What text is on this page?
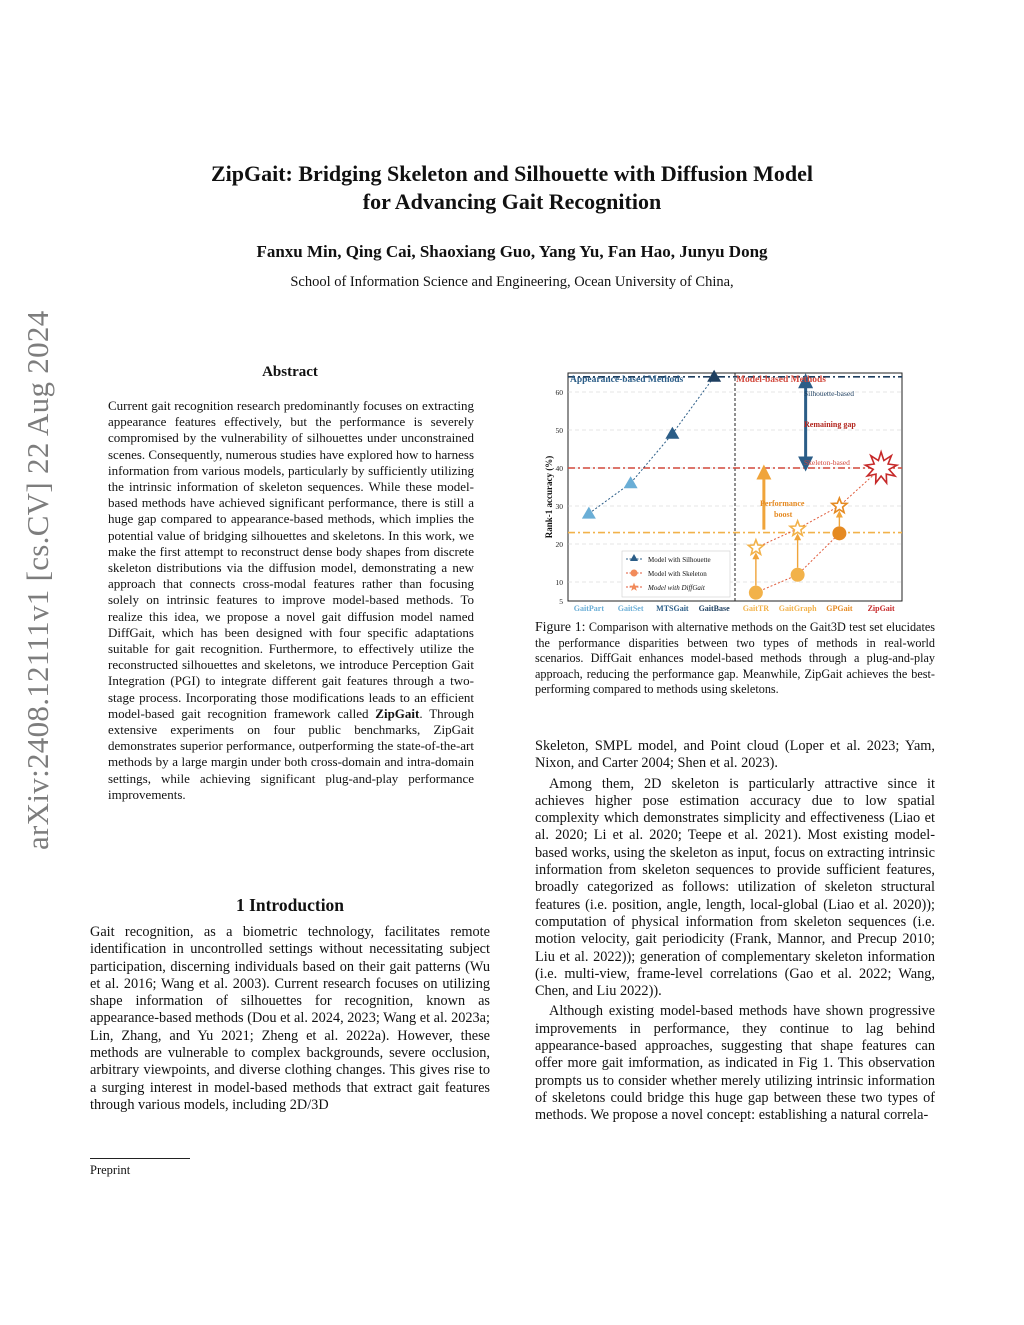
arXiv:2408.12111v1 [cs.CV] 22 Aug 2024
ZipGait: Bridging Skeleton and Silhouette with Diffusion Model
for Advancing Gait Recognition
Fanxu Min, Qing Cai, Shaoxiang Guo, Yang Yu, Fan Hao, Junyu Dong
School of Information Science and Engineering, Ocean University of China,
Abstract
Current gait recognition research predominantly focuses on extracting appearance features effectively, but the performance is severely compromised by the vulnerability of silhouettes under unconstrained scenes. Consequently, numerous studies have explored how to harness information from various models, particularly by sufficiently utilizing the intrinsic information of skeleton sequences. While these model-based methods have achieved significant performance, there is still a huge gap compared to appearance-based methods, which implies the potential value of bridging silhouettes and skeletons. In this work, we make the first attempt to reconstruct dense body shapes from discrete skeleton distributions via the diffusion model, demonstrating a new approach that connects cross-modal features rather than focusing solely on intrinsic features to improve model-based methods. To realize this idea, we propose a novel gait diffusion model named DiffGait, which has been designed with four specific adaptations suitable for gait recognition. Furthermore, to effectively utilize the reconstructed silhouettes and skeletons, we introduce Perception Gait Integration (PGI) to integrate different gait features through a two-stage process. Incorporating those modifications leads to an efficient model-based gait recognition framework called ZipGait. Through extensive experiments on four public benchmarks, ZipGait demonstrates superior performance, outperforming the state-of-the-art methods by a large margin under both cross-domain and intra-domain settings, while achieving significant plug-and-play performance improvements.
1 Introduction

Gait recognition, as a biometric technology, facilitates remote identification in uncontrolled settings without necessitating subject participation, discerning individuals based on their gait patterns (Wu et al. 2016; Wang et al. 2003). Current research focuses on utilizing shape information of silhouettes for recognition, known as appearance-based methods (Dou et al. 2024, 2023; Wang et al. 2023a; Lin, Zhang, and Yu 2021; Zheng et al. 2022a). However, these methods are vulnerable to complex backgrounds, severe occlusion, arbitrary viewpoints, and diverse clothing changes. This gives rise to a surging interest in model-based methods that extract gait features through various models, including 2D/3D

Preprint
5
10
20
30
40
50
60
GaitPart GaitSet MTSGait GaitBase GaitTR GaitGraph GPGait ZipGait
Rank-1 accuracy (%)
Appearance-based Methods	Model-based Methods
Silhouette-based
Remaining gap
Skeleton-based
Performance
boost
Model with Silhouette
Model with Skeleton
Model with DiffGait
Figure 1: Comparison with alternative methods on the Gait3D test set elucidates the performance disparities between two types of methods in real-world scenarios. DiffGait enhances model-based methods through a plug-and-play approach, reducing the performance gap. Meanwhile, ZipGait achieves the best-performing compared to methods using skeletons.

Skeleton, SMPL model, and Point cloud (Loper et al. 2023; Yam, Nixon, and Carter 2004; Shen et al. 2023).

Among them, 2D skeleton is particularly attractive since it achieves higher pose estimation accuracy due to low spatial complexity which demonstrates simplicity and effectiveness (Liao et al. 2020; Li et al. 2020; Teepe et al. 2021). Most existing model-based works, using the skeleton as input, focus on extracting intrinsic information from skeleton sequences to provide sufficient features, broadly categorized as follows: utilization of skeleton structural features (i.e. position, angle, length, local-global (Liao et al. 2020)); computation of physical information from skeleton sequences (i.e. motion velocity, gait periodicity (Frank, Mannor, and Precup 2010; Liu et al. 2022)); generation of complementary skeleton information (i.e. multi-view, frame-level correlations (Gao et al. 2022; Wang, Chen, and Liu 2022)).

Although existing model-based methods have shown progressive improvements in performance, they continue to lag behind appearance-based approaches, suggesting that shape features can offer more gait imformation, as indicated in Fig 1. This observation prompts us to consider whether merely utilizing intrinsic information of skeletons could bridge this huge gap between these two types of methods. We propose a novel concept: establishing a natural correla-
